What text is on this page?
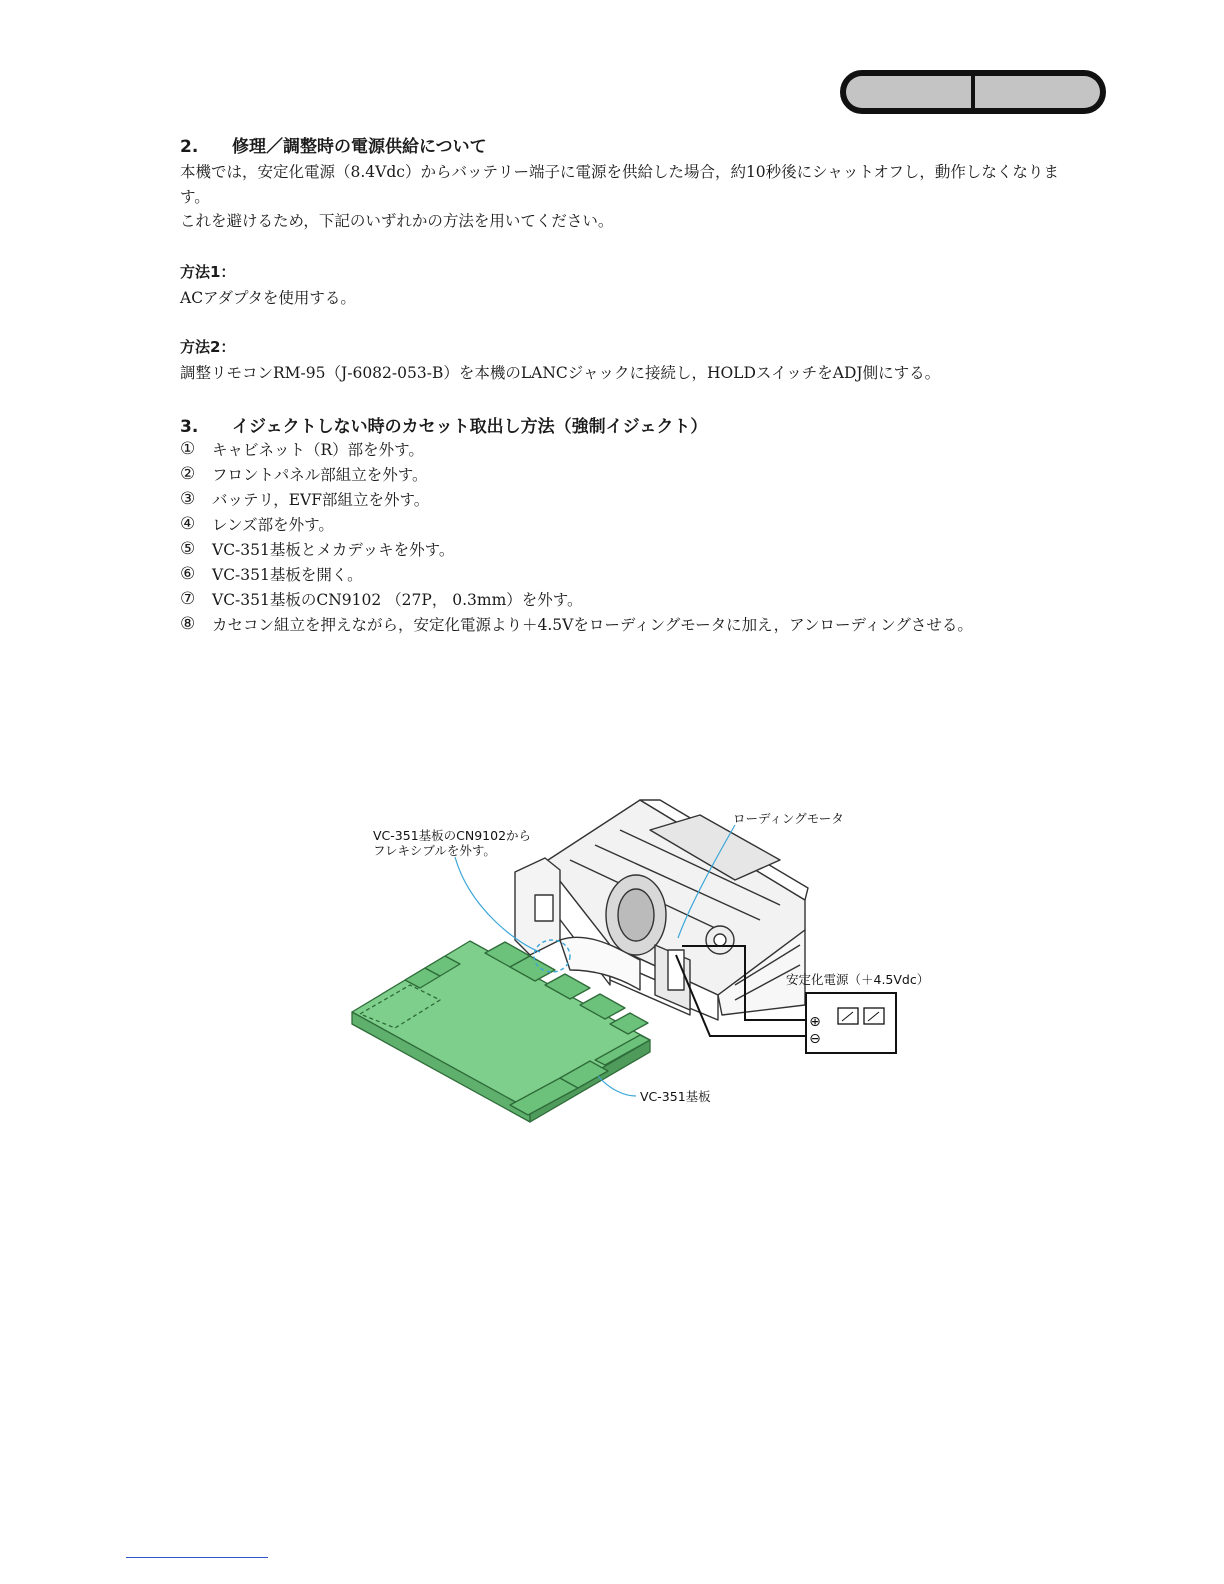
2. 修理／調整時の電源供給について
本機では，安定化電源（8.4Vdc）からバッテリー端子に電源を供給した場合，約10秒後にシャットオフし，動作しなくなりま
す。
これを避けるため，下記のいずれかの方法を用いてください。
方法1：
ACアダプタを使用する。
方法2：
調整リモコンRM-95（J-6082-053-B）を本機のLANCジャックに接続し，HOLDスイッチをADJ側にする。
3. イジェクトしない時のカセット取出し方法（強制イジェクト）
①	キャビネット（R）部を外す。
②	フロントパネル部組立を外す。
③	バッテリ，EVF部組立を外す。
④	レンズ部を外す。
⑤	VC-351基板とメカデッキを外す。
⑥	VC-351基板を開く。
⑦	VC-351基板のCN9102 （27P， 0.3mm）を外す。
⑧	カセコン組立を押えながら，安定化電源より＋4.5Vをローディングモータに加え，アンローディングさせる。
⊕
⊖
VC-351基板のCN9102から
フレキシブルを外す。
ローディングモータ
安定化電源（＋4.5Vdc）
VC-351基板
